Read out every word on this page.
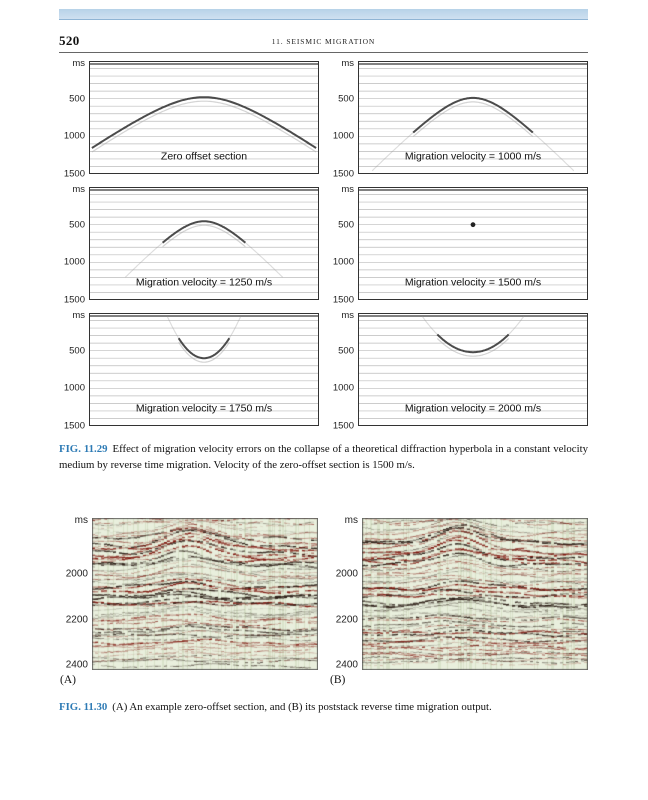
520	11. SEISMIC MIGRATION
ms
500
1000
1500
Zero offset section
ms
500
1000
1500
Migration velocity = 1000 m/s
ms
500
1000
1500
Migration velocity = 1250 m/s
ms
500
1000
1500
Migration velocity = 1500 m/s
ms
500
1000
1500
Migration velocity = 1750 m/s
ms
500
1000
1500
Migration velocity = 2000 m/s

FIG. 11.29 Effect of migration velocity errors on the collapse of a theoretical diffraction hyperbola in a constant velocity medium by reverse time migration. Velocity of the zero-offset section is 1500 m/s.

ms
2000
2200
2400
(A)
ms
2000
2200
2400
(B)

FIG. 11.30 (A) An example zero-offset section, and (B) its poststack reverse time migration output.
